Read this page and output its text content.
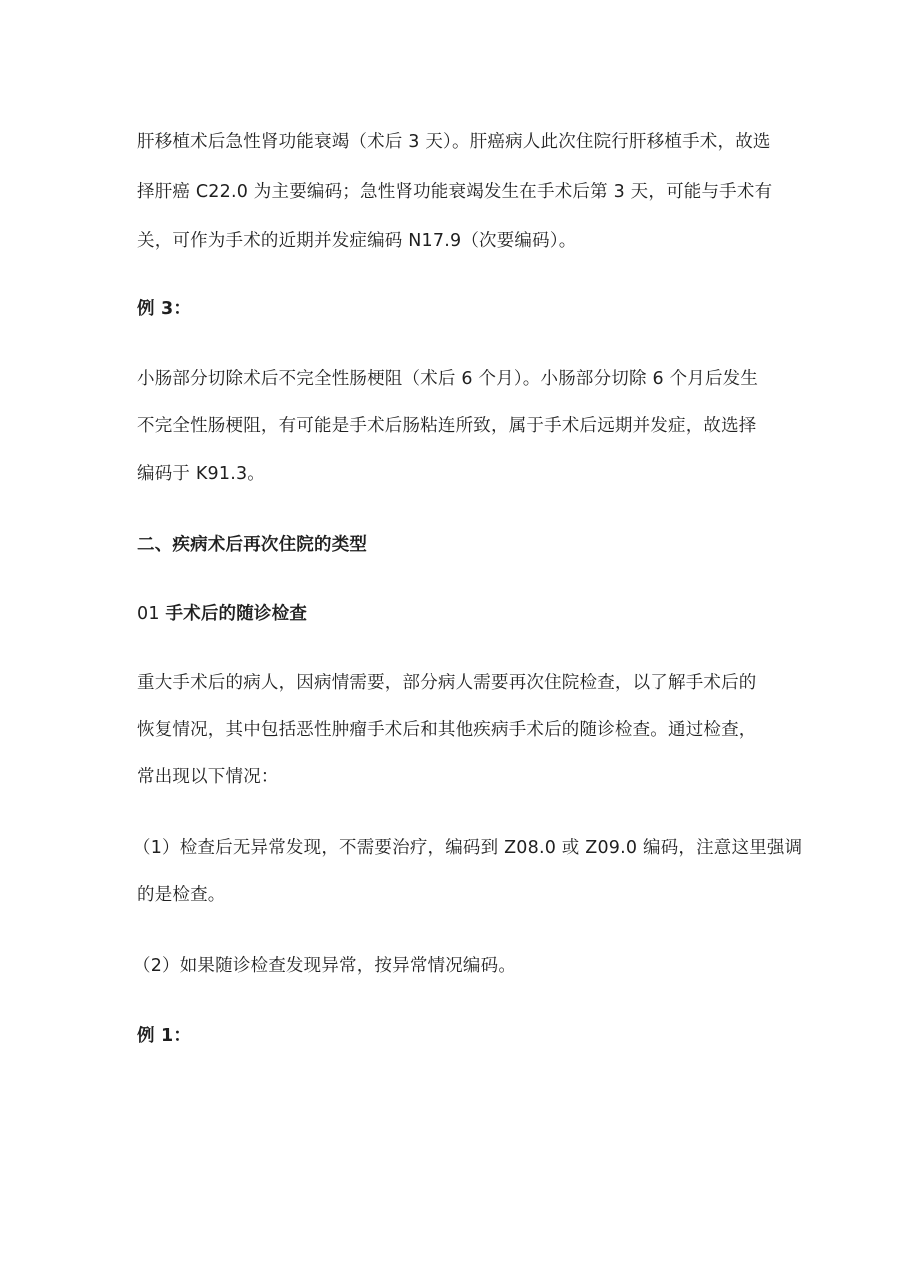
肝移植术后急性肾功能衰竭（术后 3 天）。肝癌病人此次住院行肝移植手术，故选
择肝癌 C22.0 为主要编码；急性肾功能衰竭发生在手术后第 3 天，可能与手术有
关，可作为手术的近期并发症编码 N17.9（次要编码）。
例 3：
小肠部分切除术后不完全性肠梗阻（术后 6 个月）。小肠部分切除 6 个月后发生
不完全性肠梗阻，有可能是手术后肠粘连所致，属于手术后远期并发症，故选择
编码于 K91.3。
二、疾病术后再次住院的类型
01 手术后的随诊检查
重大手术后的病人，因病情需要，部分病人需要再次住院检查，以了解手术后的
恢复情况，其中包括恶性肿瘤手术后和其他疾病手术后的随诊检查。通过检查，
常出现以下情况：
（1）检查后无异常发现，不需要治疗，编码到 Z08.0 或 Z09.0 编码，注意这里强调
的是检查。
（2）如果随诊检查发现异常，按异常情况编码。
例 1：
